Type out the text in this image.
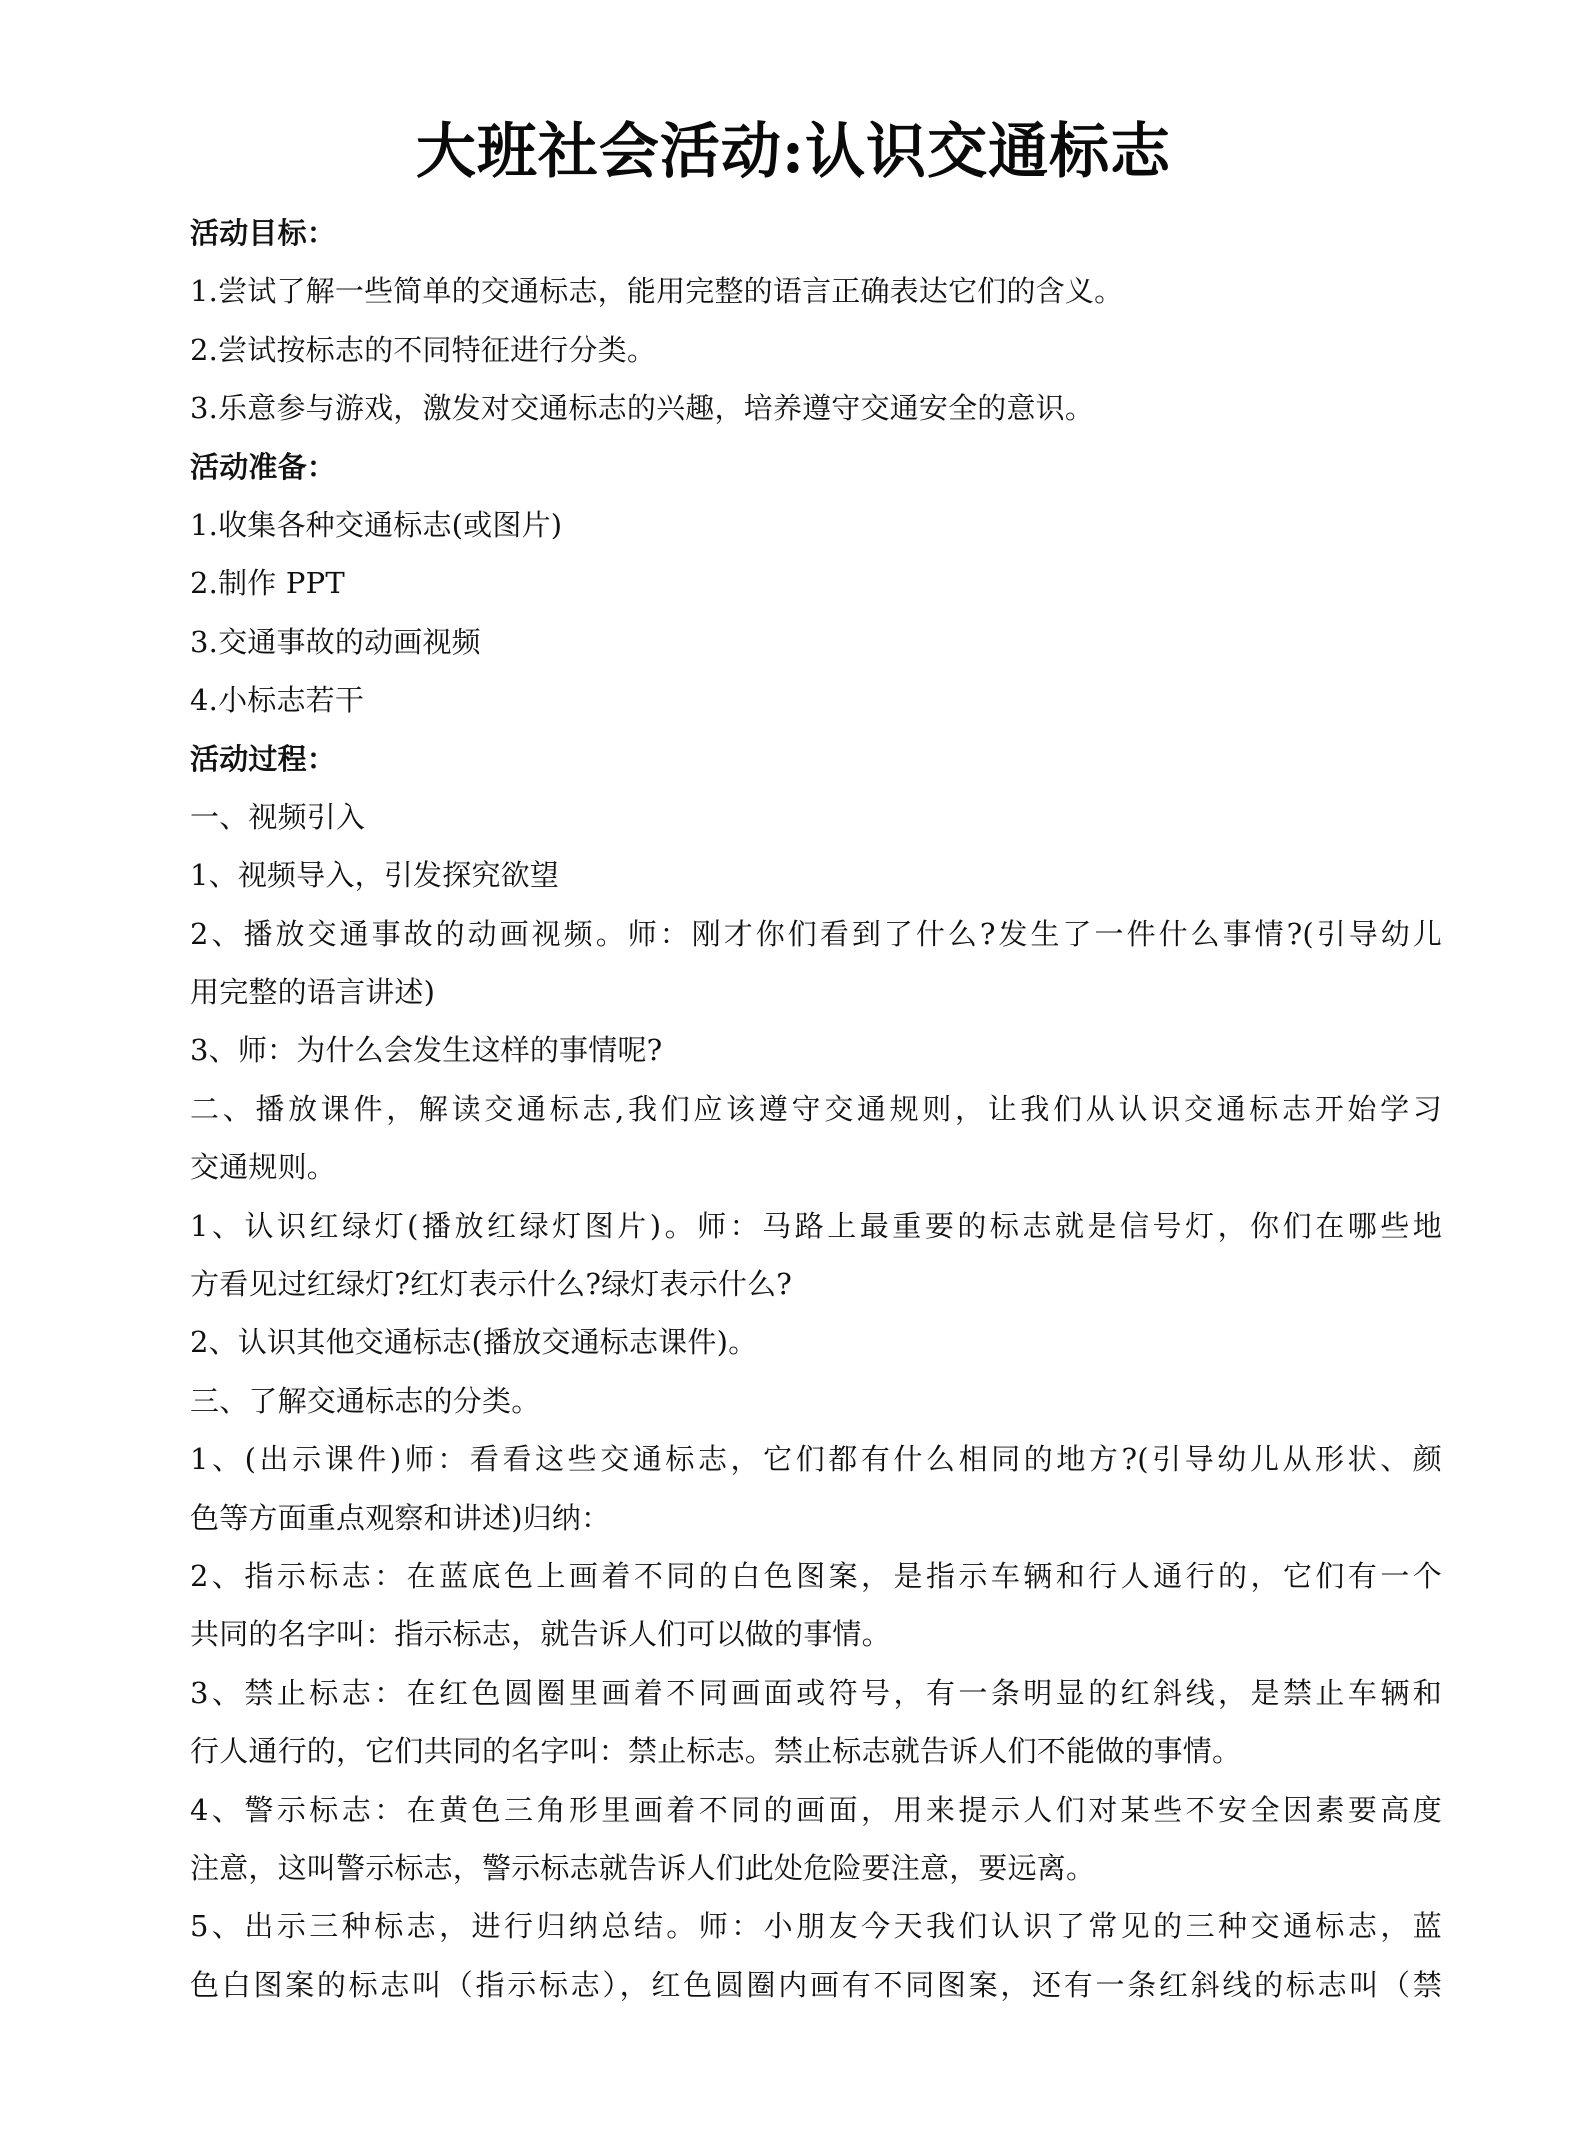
大班社会活动:认识交通标志
活动目标：
1.尝试了解一些简单的交通标志，能用完整的语言正确表达它们的含义。
2.尝试按标志的不同特征进行分类。
3.乐意参与游戏，激发对交通标志的兴趣，培养遵守交通安全的意识。
活动准备：
1.收集各种交通标志(或图片)
2.制作 PPT
3.交通事故的动画视频
4.小标志若干
活动过程：
一、视频引入
1、视频导入，引发探究欲望
2、播放交通事故的动画视频。师：刚才你们看到了什么?发生了一件什么事情?(引导幼儿
用完整的语言讲述)
3、师：为什么会发生这样的事情呢?
二、播放课件，解读交通标志,我们应该遵守交通规则，让我们从认识交通标志开始学习
交通规则。
1、认识红绿灯(播放红绿灯图片)。师：马路上最重要的标志就是信号灯，你们在哪些地
方看见过红绿灯?红灯表示什么?绿灯表示什么?
2、认识其他交通标志(播放交通标志课件)。
三、了解交通标志的分类。
1、(出示课件)师：看看这些交通标志，它们都有什么相同的地方?(引导幼儿从形状、颜
色等方面重点观察和讲述)归纳：
2、指示标志：在蓝底色上画着不同的白色图案，是指示车辆和行人通行的，它们有一个
共同的名字叫：指示标志，就告诉人们可以做的事情。
3、禁止标志：在红色圆圈里画着不同画面或符号，有一条明显的红斜线，是禁止车辆和
行人通行的，它们共同的名字叫：禁止标志。禁止标志就告诉人们不能做的事情。
4、警示标志：在黄色三角形里画着不同的画面，用来提示人们对某些不安全因素要高度
注意，这叫警示标志，警示标志就告诉人们此处危险要注意，要远离。
5、出示三种标志，进行归纳总结。师：小朋友今天我们认识了常见的三种交通标志，蓝
色白图案的标志叫（指示标志），红色圆圈内画有不同图案，还有一条红斜线的标志叫（禁
